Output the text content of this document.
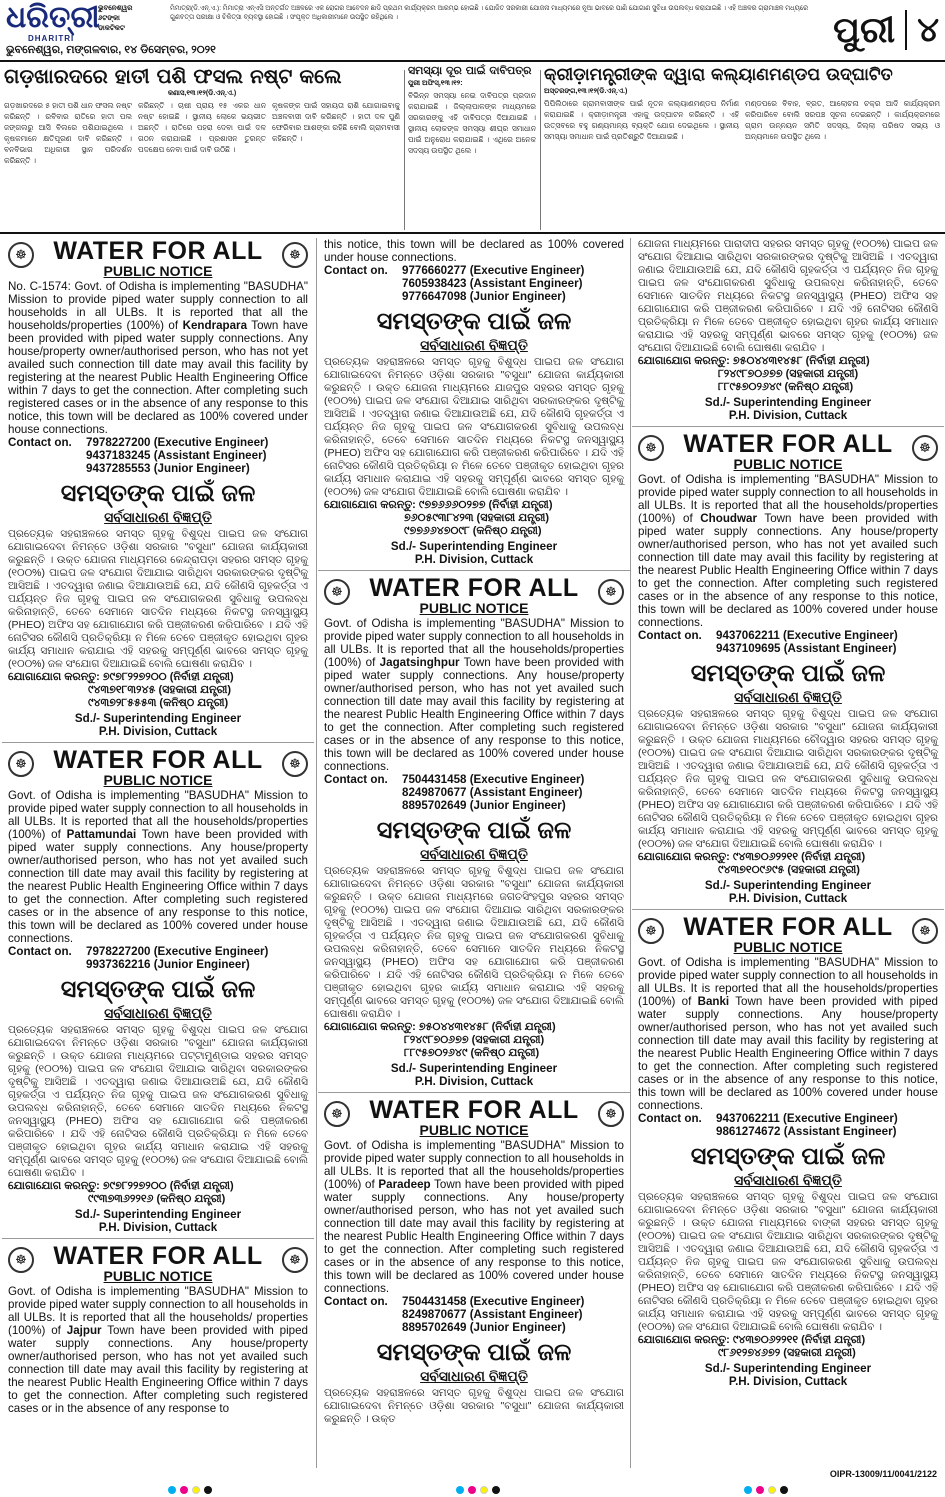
ଧରିତ୍ରୀ
DHARITRI
ଭୁବନେଶ୍ୱର
୬ଟଙ୍କା
ଡାକଟିକଟ
ମିମାତ୍ରା(ଡି.ଏନ୍.ଏ.): ମିମାତ୍ରା ଏନ୍‌ଏସି ଅନ୍ତର୍ଗତ ଅଞ୍ଚଳରେ ଏକ ରୋଗର ଆବେଦନ ଛାଡି ପ୍ରଥମ କାର୍ଯ୍ୟକ୍ରମ ଆରମ୍ଭ ହୋଇଛି । ଯୋଜିତ ସରକାରୀ ଯୋଜନା ମାଧ୍ୟମରେ ନୂଆ ଭାବରେ ପାଣି ଯୋଗାଣ ସୁବିଧା ଉପଲବ୍ଧ କରାଯାଇଛି । ଏହି ଅଞ୍ଚଳର ଗ୍ରାମାଞ୍ଚଳ ମଧ୍ୟରେ ଗୁଣବତ୍ତା ପରୀକ୍ଷା ଓ ଚିକିତ୍ସା ବ୍ୟବସ୍ଥା ହୋଇଛି । ସଂପୃକ୍ତ ଅଧିକାରୀମାନେ ଉପସ୍ଥିତ ରହିଥିଲେ ।
ଭୁବନେଶ୍ୱର, ମଙ୍ଗଳବାର, ୧୪ ଡିସେମ୍ବର, ୨୦୨୧	ପୁରୀ ୪
ଗଡ଼ଖାରଦରେ ହାତୀ ପଶି ଫସଲ ନଷ୍ଟ କଲେ
କଣାସ,୧୩।୧୨(ଡି.ଏନ୍.ଏ.)
ଗଡ଼ଖାରଦରେ ୫ ହାତୀ ପଶି ଧାନ ଫସଲ ନଷ୍ଟ କରିଛନ୍ତି । ରବିବାର ରାତିରେ ହାତୀ ପଲ ଜଙ୍ଗଲରୁ ଆସି ବିଲରେ ପଶିଯାଇଥିଲେ । କୃଷକମାନେ କ୍ଷତିପୂରଣ ଦାବି କରିଛନ୍ତି । ବନବିଭାଗ ଅଧିକାରୀ ସ୍ଥାନ ପରିଦର୍ଶନ କରିଛନ୍ତି ।
କରିଛନ୍ତି । ଚାଷୀ ପ୍ରାୟ ୧୫ ଏକର ଧାନ ନଷ୍ଟ ହୋଇଛି । ସ୍ଥାନୀୟ ଲୋକେ ଭୟଭୀତ ଅଛନ୍ତି । ରାତିରେ ପହରା ଦେବା ପାଇଁ ଦଳ ଗଠନ କରାଯାଇଛି । ପ୍ରଶାସନ ତୁରନ୍ତ ପଦକ୍ଷେପ ନେବା ପାଇଁ ଦାବି ଉଠିଛି ।
କୃଷକଙ୍କ ପାଇଁ ସହାୟତା ରାଶି ଯୋଗାଇବାକୁ ଅଞ୍ଚଳବାସୀ ଦାବି କରିଛନ୍ତି । ହାତୀ ଦଳ ପୁଣି ଫେରିବାର ଆଶଙ୍କା ରହିଛି ବୋଲି ଗ୍ରାମବାସୀ କହିଛନ୍ତି ।
ସମସ୍ୟା ଦୂର ପାଇଁ ଦାବିପତ୍ର
ପୁରୀ ଅଫିସ୍,୧୩।୧୨:
ବିଭିନ୍ନ ସମସ୍ୟା ନେଇ ଦାବିପତ୍ର ପ୍ରଦାନ କରାଯାଇଛି । ଜିଲ୍ଲାପାଳଙ୍କ ମାଧ୍ୟମରେ ସରକାରଙ୍କୁ ଏହି ଦାବିପତ୍ର ଦିଆଯାଇଛି । ସ୍ଥାନୀୟ ଲୋକଙ୍କ ସମସ୍ୟା ଶୀଘ୍ର ସମାଧାନ ପାଇଁ ଅନୁରୋଧ କରାଯାଇଛି । ଏଥିରେ ଅନେକ ସଦସ୍ୟ ଉପସ୍ଥିତ ଥିଲେ ।
କ୍ରୀଡ଼ାମନ୍ତ୍ରୀଙ୍କ ଦ୍ୱାରା କଲ୍ୟାଣମଣ୍ଡପ ଉଦ୍‌ଘାଟିତ
ଅସ୍ତରଙ୍ଗ,୧୩।୧୨(ଡି.ଏନ୍.ଏ.)
ପିପିଲିଠାରେ ଗ୍ରାମବାସୀଙ୍କ ପାଇଁ ନୂତନ କଲ୍ୟାଣମଣ୍ଡପ ନିର୍ମାଣ କରାଯାଇଛି । କ୍ରୀଡ଼ାମନ୍ତ୍ରୀ ଏହାକୁ ଉଦ୍‌ଘାଟନ କରିଛନ୍ତି । ଏହି ଉତ୍ସବରେ ବହୁ ଗଣ୍ୟମାନ୍ୟ ବ୍ୟକ୍ତି ଯୋଗ ଦେଇଥିଲେ । ସ୍ଥାନୀୟ ସମସ୍ୟା ସମାଧାନ ପାଇଁ ପ୍ରତିଶ୍ରୁତି ଦିଆଯାଇଛି ।
ମଣ୍ଡପରେ ବିବାହ, ବ୍ରତ, ଆଲୋଚନା ଚକ୍ର ଆଦି କାର୍ଯ୍ୟକ୍ରମ କରିପାରିବେ ବୋଲି ସରପଞ୍ଚ ସୂଚନା ଦେଇଛନ୍ତି । କାର୍ଯ୍ୟକ୍ରମରେ ଗ୍ରାମ ଉନ୍ନୟନ ସମିତି ସଦସ୍ୟ, ଜିଲ୍ଲା ପରିଷଦ ସଭ୍ୟ ଓ ଅନ୍ୟମାନେ ଉପସ୍ଥିତ ଥିଲେ ।
☸	☸
WATER FOR ALL
PUBLIC NOTICE
No. C-1574: Govt. of Odisha is implementing "BASUDHA" Mission to provide piped water supply connection to all households in all ULBs. It is reported that all the households/properties (100%) of Kendrapara Town have been provided with piped water supply connections. Any house/property owner/authorised person, who has not yet availed such connection till date may avail this facility by registering at the nearest Public Health Engineering Office within 7 days to get the connection. After completing such registered cases or in the absence of any response to this notice, this town will be declared as 100% covered under house connections.
Contact on.	7978227200 (Executive Engineer)
9437183245 (Assistant Engineer)
9437285553 (Junior Engineer)
ସମସ୍ତଙ୍କ ପାଇଁ ଜଳ
ସର୍ବସାଧାରଣ ବିଜ୍ଞପ୍ତି
ପ୍ରତ୍ୟେକ ସହରାଞ୍ଚଳରେ ସମସ୍ତ ଗୃହକୁ ବିଶୁଦ୍ଧ ପାଇପ ଜଳ ସଂଯୋଗ ଯୋଗାଇଦେବା ନିମନ୍ତେ ଓଡ଼ିଶା ସରକାର "ବସୁଧା" ଯୋଜନା କାର୍ଯ୍ୟକାରୀ କରୁଛନ୍ତି । ଉକ୍ତ ଯୋଜନା ମାଧ୍ୟମରେ କେନ୍ଦ୍ରାପଡ଼ା ସହରର ସମସ୍ତ ଗୃହକୁ (୧୦୦%) ପାଇପ ଜଳ ସଂଯୋଗ ଦିଆଯାଇ ସାରିଥିବା ସରକାରଙ୍କର ଦୃଷ୍ଟିକୁ ଆସିଅଛି । ଏତଦ୍ୱାରା ଜଣାଇ ଦିଆଯାଉଅଛି ଯେ, ଯଦି କୌଣସି ଗୃହକର୍ତ୍ତା ଏ ପର୍ଯ୍ୟନ୍ତ ନିଜ ଗୃହକୁ ପାଇପ ଜଳ ସଂଯୋଗକରଣ ସୁବିଧାକୁ ଉପଲବ୍ଧ କରିନାହାନ୍ତି, ତେବେ ସେମାନେ ସାତଦିନ ମଧ୍ୟରେ ନିକଟସ୍ଥ ଜନସ୍ୱାସ୍ଥ୍ୟ (PHEO) ଅଫିସ ସହ ଯୋଗାଯୋଗ କରି ପଞ୍ଜୀକରଣ କରିପାରିବେ । ଯଦି ଏହି ନୋଟିସର କୌଣସି ପ୍ରତିକ୍ରିୟା ନ ମିଳେ ତେବେ ପଞ୍ଜୀକୃତ ହୋଇଥିବା ଗୃହର କାର୍ଯ୍ୟ ସମାଧାନ କରାଯାଇ ଏହି ସହରକୁ ସମ୍ପୂର୍ଣ୍ଣ ଭାବରେ ସମସ୍ତ ଗୃହକୁ (୧୦୦%) ଜଳ ସଂଯୋଗ ଦିଆଯାଇଛି ବୋଲି ଘୋଷଣା କରାଯିବ ।
ଯୋଗାଯୋଗ କରନ୍ତୁ: ୭୯୭୮୨୨୭୨୦୦ (ନିର୍ବାହୀ ଯନ୍ତ୍ରୀ)
୯୪୩୭୧୮୩୨୪୫ (ସହକାରୀ ଯନ୍ତ୍ରୀ)
୯୪୩୭୨୮୫୫୫୩ (କନିଷ୍ଠ ଯନ୍ତ୍ରୀ)
Sd./- Superintending Engineer
P.H. Division, Cuttack
☸	☸
WATER FOR ALL
PUBLIC NOTICE
Govt. of Odisha is implementing "BASUDHA" Mission to provide piped water supply connection to all households in all ULBs. It is reported that all the households/properties (100%) of Pattamundai Town have been provided with piped water supply connections. Any house/property owner/authorised person, who has not yet availed such connection till date may avail this facility by registering at the nearest Public Health Engineering Office within 7 days to get the connection. After completing such registered cases or in the absence of any response to this notice, this town will be declared as 100% covered under house connections.
Contact on.	7978227200 (Executive Engineer)
9937362216 (Junior Engineer)
ସମସ୍ତଙ୍କ ପାଇଁ ଜଳ
ସର୍ବସାଧାରଣ ବିଜ୍ଞପ୍ତି
ପ୍ରତ୍ୟେକ ସହରାଞ୍ଚଳରେ ସମସ୍ତ ଗୃହକୁ ବିଶୁଦ୍ଧ ପାଇପ ଜଳ ସଂଯୋଗ ଯୋଗାଇଦେବା ନିମନ୍ତେ ଓଡ଼ିଶା ସରକାର "ବସୁଧା" ଯୋଜନା କାର୍ଯ୍ୟକାରୀ କରୁଛନ୍ତି । ଉକ୍ତ ଯୋଜନା ମାଧ୍ୟମରେ ପଟ୍ଟାମୁଣ୍ଡାଇ ସହରର ସମସ୍ତ ଗୃହକୁ (୧୦୦%) ପାଇପ ଜଳ ସଂଯୋଗ ଦିଆଯାଇ ସାରିଥିବା ସରକାରଙ୍କର ଦୃଷ୍ଟିକୁ ଆସିଅଛି । ଏତଦ୍ୱାରା ଜଣାଇ ଦିଆଯାଉଅଛି ଯେ, ଯଦି କୌଣସି ଗୃହକର୍ତ୍ତା ଏ ପର୍ଯ୍ୟନ୍ତ ନିଜ ଗୃହକୁ ପାଇପ ଜଳ ସଂଯୋଗକରଣ ସୁବିଧାକୁ ଉପଲବ୍ଧ କରିନାହାନ୍ତି, ତେବେ ସେମାନେ ସାତଦିନ ମଧ୍ୟରେ ନିକଟସ୍ଥ ଜନସ୍ୱାସ୍ଥ୍ୟ (PHEO) ଅଫିସ ସହ ଯୋଗାଯୋଗ କରି ପଞ୍ଜୀକରଣ କରିପାରିବେ । ଯଦି ଏହି ନୋଟିସର କୌଣସି ପ୍ରତିକ୍ରିୟା ନ ମିଳେ ତେବେ ପଞ୍ଜୀକୃତ ହୋଇଥିବା ଗୃହର କାର୍ଯ୍ୟ ସମାଧାନ କରାଯାଇ ଏହି ସହରକୁ ସମ୍ପୂର୍ଣ୍ଣ ଭାବରେ ସମସ୍ତ ଗୃହକୁ (୧୦୦%) ଜଳ ସଂଯୋଗ ଦିଆଯାଇଛି ବୋଲି ଘୋଷଣା କରାଯିବ ।
ଯୋଗାଯୋଗ କରନ୍ତୁ: ୭୯୭୮୨୨୭୨୦୦ (ନିର୍ବାହୀ ଯନ୍ତ୍ରୀ)
୯୯୩୭୩୬୨୨୧୬ (କନିଷ୍ଠ ଯନ୍ତ୍ରୀ)
Sd./- Superintending Engineer
P.H. Division, Cuttack
☸	☸
WATER FOR ALL
PUBLIC NOTICE
Govt. of Odisha is implementing "BASUDHA" Mission to provide piped water supply connection to all households in all ULBs. It is reported that all the households/ properties (100%) of Jajpur Town have been provided with piped water supply connections. Any house/property owner/authorised person, who has not yet availed such connection till date may avail this facility by registering at the nearest Public Health Engineering Office within 7 days to get the connection. After completing such registered cases or in the absence of any response to
this notice, this town will be declared as 100% covered under house connections.
Contact on.	9776660277 (Executive Engineer)
7605938423 (Assistant Engineer)
9776647098 (Junior Engineer)
ସମସ୍ତଙ୍କ ପାଇଁ ଜଳ
ସର୍ବସାଧାରଣ ବିଜ୍ଞପ୍ତି
ପ୍ରତ୍ୟେକ ସହରାଞ୍ଚଳରେ ସମସ୍ତ ଗୃହକୁ ବିଶୁଦ୍ଧ ପାଇପ ଜଳ ସଂଯୋଗ ଯୋଗାଇଦେବା ନିମନ୍ତେ ଓଡ଼ିଶା ସରକାର "ବସୁଧା" ଯୋଜନା କାର୍ଯ୍ୟକାରୀ କରୁଛନ୍ତି । ଉକ୍ତ ଯୋଜନା ମାଧ୍ୟମରେ ଯାଜପୁର ସହରର ସମସ୍ତ ଗୃହକୁ (୧୦୦%) ପାଇପ ଜଳ ସଂଯୋଗ ଦିଆଯାଇ ସାରିଥିବା ସରକାରଙ୍କର ଦୃଷ୍ଟିକୁ ଆସିଅଛି । ଏତଦ୍ୱାରା ଜଣାଇ ଦିଆଯାଉଅଛି ଯେ, ଯଦି କୌଣସି ଗୃହକର୍ତ୍ତା ଏ ପର୍ଯ୍ୟନ୍ତ ନିଜ ଗୃହକୁ ପାଇପ ଜଳ ସଂଯୋଗକରଣ ସୁବିଧାକୁ ଉପଲବ୍ଧ କରିନାହାନ୍ତି, ତେବେ ସେମାନେ ସାତଦିନ ମଧ୍ୟରେ ନିକଟସ୍ଥ ଜନସ୍ୱାସ୍ଥ୍ୟ (PHEO) ଅଫିସ ସହ ଯୋଗାଯୋଗ କରି ପଞ୍ଜୀକରଣ କରିପାରିବେ । ଯଦି ଏହି ନୋଟିସର କୌଣସି ପ୍ରତିକ୍ରିୟା ନ ମିଳେ ତେବେ ପଞ୍ଜୀକୃତ ହୋଇଥିବା ଗୃହର କାର୍ଯ୍ୟ ସମାଧାନ କରାଯାଇ ଏହି ସହରକୁ ସମ୍ପୂର୍ଣ୍ଣ ଭାବରେ ସମସ୍ତ ଗୃହକୁ (୧୦୦%) ଜଳ ସଂଯୋଗ ଦିଆଯାଇଛି ବୋଲି ଘୋଷଣା କରାଯିବ ।
ଯୋଗାଯୋଗ କରନ୍ତୁ: ୯୭୭୬୬୬୦୨୭୭ (ନିର୍ବାହୀ ଯନ୍ତ୍ରୀ)
୭୬୦୫୯୩୮୪୨୩ (ସହକାରୀ ଯନ୍ତ୍ରୀ)
୯୭୭୬୬୪୭୦୯୮ (କନିଷ୍ଠ ଯନ୍ତ୍ରୀ)
Sd./- Superintending Engineer
P.H. Division, Cuttack
☸	☸
WATER FOR ALL
PUBLIC NOTICE
Govt. of Odisha is implementing "BASUDHA" Mission to provide piped water supply connection to all households in all ULBs. It is reported that all the households/properties (100%) of Jagatsinghpur Town have been provided with piped water supply connections. Any house/property owner/authorised person, who has not yet availed such connection till date may avail this facility by registering at the nearest Public Health Engineering Office within 7 days to get the connection. After completing such registered cases or in the absence of any response to this notice, this town will be declared as 100% covered under house connections.
Contact on.	7504431458 (Executive Engineer)
8249870677 (Assistant Engineer)
8895702649 (Junior Engineer)
ସମସ୍ତଙ୍କ ପାଇଁ ଜଳ
ସର୍ବସାଧାରଣ ବିଜ୍ଞପ୍ତି
ପ୍ରତ୍ୟେକ ସହରାଞ୍ଚଳରେ ସମସ୍ତ ଗୃହକୁ ବିଶୁଦ୍ଧ ପାଇପ ଜଳ ସଂଯୋଗ ଯୋଗାଇଦେବା ନିମନ୍ତେ ଓଡ଼ିଶା ସରକାର "ବସୁଧା" ଯୋଜନା କାର୍ଯ୍ୟକାରୀ କରୁଛନ୍ତି । ଉକ୍ତ ଯୋଜନା ମାଧ୍ୟମରେ ଜଗତସିଂହପୁର ସହରର ସମସ୍ତ ଗୃହକୁ (୧୦୦%) ପାଇପ ଜଳ ସଂଯୋଗ ଦିଆଯାଇ ସାରିଥିବା ସରକାରଙ୍କର ଦୃଷ୍ଟିକୁ ଆସିଅଛି । ଏତଦ୍ୱାରା ଜଣାଇ ଦିଆଯାଉଅଛି ଯେ, ଯଦି କୌଣସି ଗୃହକର୍ତ୍ତା ଏ ପର୍ଯ୍ୟନ୍ତ ନିଜ ଗୃହକୁ ପାଇପ ଜଳ ସଂଯୋଗକରଣ ସୁବିଧାକୁ ଉପଲବ୍ଧ କରିନାହାନ୍ତି, ତେବେ ସେମାନେ ସାତଦିନ ମଧ୍ୟରେ ନିକଟସ୍ଥ ଜନସ୍ୱାସ୍ଥ୍ୟ (PHEO) ଅଫିସ ସହ ଯୋଗାଯୋଗ କରି ପଞ୍ଜୀକରଣ କରିପାରିବେ । ଯଦି ଏହି ନୋଟିସର କୌଣସି ପ୍ରତିକ୍ରିୟା ନ ମିଳେ ତେବେ ପଞ୍ଜୀକୃତ ହୋଇଥିବା ଗୃହର କାର୍ଯ୍ୟ ସମାଧାନ କରାଯାଇ ଏହି ସହରକୁ ସମ୍ପୂର୍ଣ୍ଣ ଭାବରେ ସମସ୍ତ ଗୃହକୁ (୧୦୦%) ଜଳ ସଂଯୋଗ ଦିଆଯାଇଛି ବୋଲି ଘୋଷଣା କରାଯିବ ।
ଯୋଗାଯୋଗ କରନ୍ତୁ: ୭୫୦୪୪୩୧୪୫୮ (ନିର୍ବାହୀ ଯନ୍ତ୍ରୀ)
୮୨୪୯୮୭୦୬୭୭ (ସହକାରୀ ଯନ୍ତ୍ରୀ)
୮୮୯୫୭୦୨୬୪୯ (କନିଷ୍ଠ ଯନ୍ତ୍ରୀ)
Sd./- Superintending Engineer
P.H. Division, Cuttack
☸	☸
WATER FOR ALL
PUBLIC NOTICE
Govt. of Odisha is implementing "BASUDHA" Mission to provide piped water supply connection to all households in all ULBs. It is reported that all the households/properties (100%) of Paradeep Town have been provided with piped water supply connections. Any house/property owner/authorised person, who has not yet availed such connection till date may avail this facility by registering at the nearest Public Health Engineering Office within 7 days to get the connection. After completing such registered cases or in the absence of any response to this notice, this town will be declared as 100% covered under house connections.
Contact on.	7504431458 (Executive Engineer)
8249870677 (Assistant Engineer)
8895702649 (Junior Engineer)
ସମସ୍ତଙ୍କ ପାଇଁ ଜଳ
ସର୍ବସାଧାରଣ ବିଜ୍ଞପ୍ତି
ପ୍ରତ୍ୟେକ ସହରାଞ୍ଚଳରେ ସମସ୍ତ ଗୃହକୁ ବିଶୁଦ୍ଧ ପାଇପ ଜଳ ସଂଯୋଗ ଯୋଗାଇଦେବା ନିମନ୍ତେ ଓଡ଼ିଶା ସରକାର "ବସୁଧା" ଯୋଜନା କାର୍ଯ୍ୟକାରୀ କରୁଛନ୍ତି । ଉକ୍ତ
ଯୋଜନା ମାଧ୍ୟମରେ ପାରାଦୀପ ସହରର ସମସ୍ତ ଗୃହକୁ (୧୦୦%) ପାଇପ ଜଳ ସଂଯୋଗ ଦିଆଯାଇ ସାରିଥିବା ସରକାରଙ୍କର ଦୃଷ୍ଟିକୁ ଆସିଅଛି । ଏତଦ୍ୱାରା ଜଣାଇ ଦିଆଯାଉଅଛି ଯେ, ଯଦି କୌଣସି ଗୃହକର୍ତ୍ତା ଏ ପର୍ଯ୍ୟନ୍ତ ନିଜ ଗୃହକୁ ପାଇପ ଜଳ ସଂଯୋଗକରଣ ସୁବିଧାକୁ ଉପଲବ୍ଧ କରିନାହାନ୍ତି, ତେବେ ସେମାନେ ସାତଦିନ ମଧ୍ୟରେ ନିକଟସ୍ଥ ଜନସ୍ୱାସ୍ଥ୍ୟ (PHEO) ଅଫିସ ସହ ଯୋଗାଯୋଗ କରି ପଞ୍ଜୀକରଣ କରିପାରିବେ । ଯଦି ଏହି ନୋଟିସର କୌଣସି ପ୍ରତିକ୍ରିୟା ନ ମିଳେ ତେବେ ପଞ୍ଜୀକୃତ ହୋଇଥିବା ଗୃହର କାର୍ଯ୍ୟ ସମାଧାନ କରାଯାଇ ଏହି ସହରକୁ ସମ୍ପୂର୍ଣ୍ଣ ଭାବରେ ସମସ୍ତ ଗୃହକୁ (୧୦୦%) ଜଳ ସଂଯୋଗ ଦିଆଯାଇଛି ବୋଲି ଘୋଷଣା କରାଯିବ ।
ଯୋଗାଯୋଗ କରନ୍ତୁ: ୭୫୦୪୪୩୧୪୫୮ (ନିର୍ବାହୀ ଯନ୍ତ୍ରୀ)
୮୨୪୯୮୭୦୬୭୭ (ସହକାରୀ ଯନ୍ତ୍ରୀ)
୮୮୯୫୭୦୨୬୪୯ (କନିଷ୍ଠ ଯନ୍ତ୍ରୀ)
Sd./- Superintending Engineer
P.H. Division, Cuttack
☸	☸
WATER FOR ALL
PUBLIC NOTICE
Govt. of Odisha is implementing "BASUDHA" Mission to provide piped water supply connection to all households in all ULBs. It is reported that all the households/properties (100%) of Choudwar Town have been provided with piped water supply connections. Any house/property owner/authorised person, who has not yet availed such connection till date may avail this facility by registering at the nearest Public Health Engineering Office within 7 days to get the connection. After completing such registered cases or in the absence of any response to this notice, this town will be declared as 100% covered under house connections.
Contact on.	9437062211 (Executive Engineer)
9437109695 (Assistant Engineer)
ସମସ୍ତଙ୍କ ପାଇଁ ଜଳ
ସର୍ବସାଧାରଣ ବିଜ୍ଞପ୍ତି
ପ୍ରତ୍ୟେକ ସହରାଞ୍ଚଳରେ ସମସ୍ତ ଗୃହକୁ ବିଶୁଦ୍ଧ ପାଇପ ଜଳ ସଂଯୋଗ ଯୋଗାଇଦେବା ନିମନ୍ତେ ଓଡ଼ିଶା ସରକାର "ବସୁଧା" ଯୋଜନା କାର୍ଯ୍ୟକାରୀ କରୁଛନ୍ତି । ଉକ୍ତ ଯୋଜନା ମାଧ୍ୟମରେ ଚୌଦ୍ୱାର ସହରର ସମସ୍ତ ଗୃହକୁ (୧୦୦%) ପାଇପ ଜଳ ସଂଯୋଗ ଦିଆଯାଇ ସାରିଥିବା ସରକାରଙ୍କର ଦୃଷ୍ଟିକୁ ଆସିଅଛି । ଏତଦ୍ୱାରା ଜଣାଇ ଦିଆଯାଉଅଛି ଯେ, ଯଦି କୌଣସି ଗୃହକର୍ତ୍ତା ଏ ପର୍ଯ୍ୟନ୍ତ ନିଜ ଗୃହକୁ ପାଇପ ଜଳ ସଂଯୋଗକରଣ ସୁବିଧାକୁ ଉପଲବ୍ଧ କରିନାହାନ୍ତି, ତେବେ ସେମାନେ ସାତଦିନ ମଧ୍ୟରେ ନିକଟସ୍ଥ ଜନସ୍ୱାସ୍ଥ୍ୟ (PHEO) ଅଫିସ ସହ ଯୋଗାଯୋଗ କରି ପଞ୍ଜୀକରଣ କରିପାରିବେ । ଯଦି ଏହି ନୋଟିସର କୌଣସି ପ୍ରତିକ୍ରିୟା ନ ମିଳେ ତେବେ ପଞ୍ଜୀକୃତ ହୋଇଥିବା ଗୃହର କାର୍ଯ୍ୟ ସମାଧାନ କରାଯାଇ ଏହି ସହରକୁ ସମ୍ପୂର୍ଣ୍ଣ ଭାବରେ ସମସ୍ତ ଗୃହକୁ (୧୦୦%) ଜଳ ସଂଯୋଗ ଦିଆଯାଇଛି ବୋଲି ଘୋଷଣା କରାଯିବ ।
ଯୋଗାଯୋଗ କରନ୍ତୁ: ୯୪୩୭୦୬୨୨୧୧ (ନିର୍ବାହୀ ଯନ୍ତ୍ରୀ)
୯୪୩୭୧୦୯୬୯୫ (ସହକାରୀ ଯନ୍ତ୍ରୀ)
Sd./- Superintending Engineer
P.H. Division, Cuttack
☸	☸
WATER FOR ALL
PUBLIC NOTICE
Govt. of Odisha is implementing "BASUDHA" Mission to provide piped water supply connection to all households in all ULBs. It is reported that all the households/properties (100%) of Banki Town have been provided with piped water supply connections. Any house/property owner/authorised person, who has not yet availed such connection till date may avail this facility by registering at the nearest Public Health Engineering Office within 7 days to get the connection. After completing such registered cases or in the absence of any response to this notice, this town will be declared as 100% covered under house connections.
Contact on.	9437062211 (Executive Engineer)
9861274672 (Assistant Engineer)
ସମସ୍ତଙ୍କ ପାଇଁ ଜଳ
ସର୍ବସାଧାରଣ ବିଜ୍ଞପ୍ତି
ପ୍ରତ୍ୟେକ ସହରାଞ୍ଚଳରେ ସମସ୍ତ ଗୃହକୁ ବିଶୁଦ୍ଧ ପାଇପ ଜଳ ସଂଯୋଗ ଯୋଗାଇଦେବା ନିମନ୍ତେ ଓଡ଼ିଶା ସରକାର "ବସୁଧା" ଯୋଜନା କାର୍ଯ୍ୟକାରୀ କରୁଛନ୍ତି । ଉକ୍ତ ଯୋଜନା ମାଧ୍ୟମରେ ବାଙ୍କୀ ସହରର ସମସ୍ତ ଗୃହକୁ (୧୦୦%) ପାଇପ ଜଳ ସଂଯୋଗ ଦିଆଯାଇ ସାରିଥିବା ସରକାରଙ୍କର ଦୃଷ୍ଟିକୁ ଆସିଅଛି । ଏତଦ୍ୱାରା ଜଣାଇ ଦିଆଯାଉଅଛି ଯେ, ଯଦି କୌଣସି ଗୃହକର୍ତ୍ତା ଏ ପର୍ଯ୍ୟନ୍ତ ନିଜ ଗୃହକୁ ପାଇପ ଜଳ ସଂଯୋଗକରଣ ସୁବିଧାକୁ ଉପଲବ୍ଧ କରିନାହାନ୍ତି, ତେବେ ସେମାନେ ସାତଦିନ ମଧ୍ୟରେ ନିକଟସ୍ଥ ଜନସ୍ୱାସ୍ଥ୍ୟ (PHEO) ଅଫିସ ସହ ଯୋଗାଯୋଗ କରି ପଞ୍ଜୀକରଣ କରିପାରିବେ । ଯଦି ଏହି ନୋଟିସର କୌଣସି ପ୍ରତିକ୍ରିୟା ନ ମିଳେ ତେବେ ପଞ୍ଜୀକୃତ ହୋଇଥିବା ଗୃହର କାର୍ଯ୍ୟ ସମାଧାନ କରାଯାଇ ଏହି ସହରକୁ ସମ୍ପୂର୍ଣ୍ଣ ଭାବରେ ସମସ୍ତ ଗୃହକୁ (୧୦୦%) ଜଳ ସଂଯୋଗ ଦିଆଯାଇଛି ବୋଲି ଘୋଷଣା କରାଯିବ ।
ଯୋଗାଯୋଗ କରନ୍ତୁ: ୯୪୩୭୦୬୨୨୧୧ (ନିର୍ବାହୀ ଯନ୍ତ୍ରୀ)
୯୮୬୧୨୭୪୬୭୨ (ସହକାରୀ ଯନ୍ତ୍ରୀ)
Sd./- Superintending Engineer
P.H. Division, Cuttack
OIPR-13009/11/0041/2122
